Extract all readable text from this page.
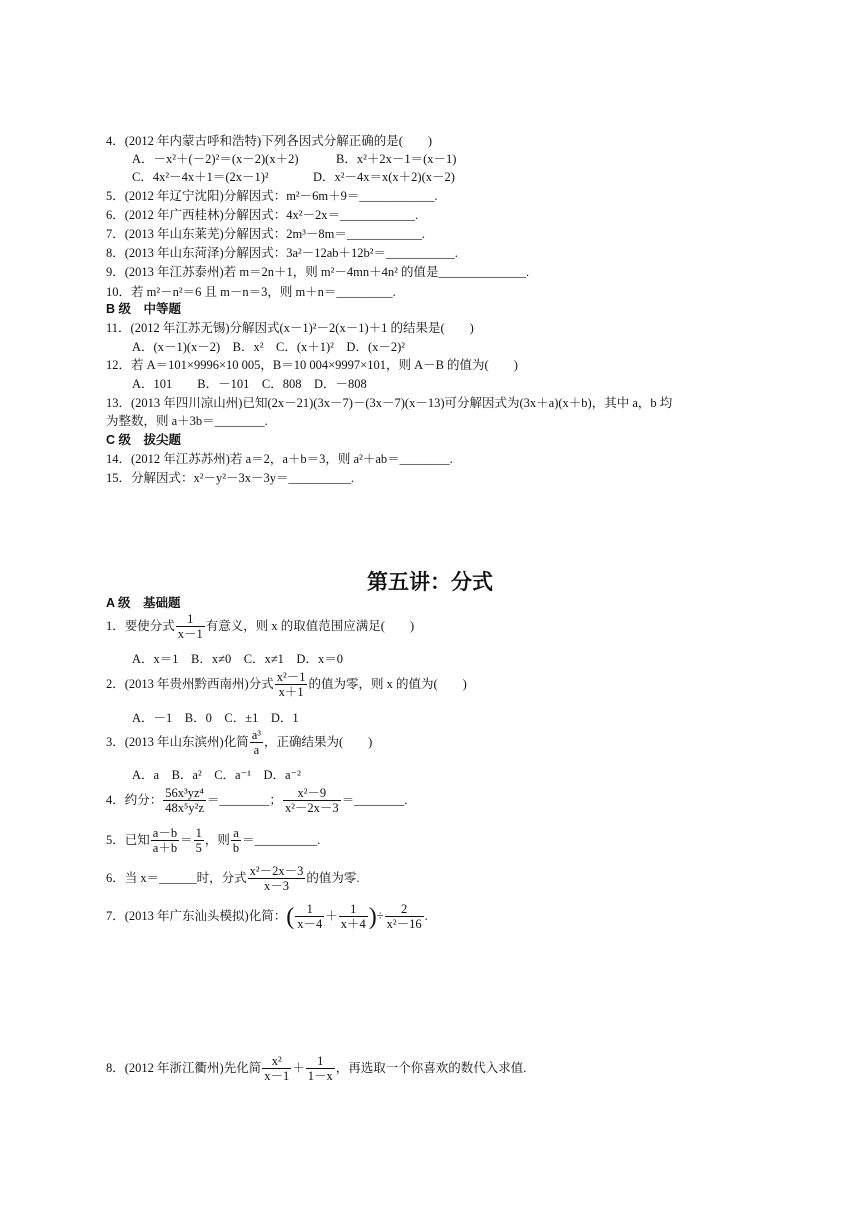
4．(2012 年内蒙古呼和浩特)下列各因式分解正确的是(　　)
A．－x²＋(－2)²＝(x－2)(x＋2)	B．x²＋2x－1＝(x－1)
C．4x²－4x＋1＝(2x－1)²	D．x²－4x＝x(x＋2)(x－2)
5．(2012 年辽宁沈阳)分解因式：m²－6m＋9＝____________.
6．(2012 年广西桂林)分解因式：4x²－2x＝____________.
7．(2013 年山东莱芜)分解因式：2m³－8m＝____________.
8．(2013 年山东菏泽)分解因式：3a²－12ab＋12b²＝___________.
9．(2013 年江苏泰州)若 m＝2n＋1，则 m²－4mn＋4n² 的值是______________.
10．若 m²－n²＝6 且 m－n＝3，则 m＋n＝_________.
B 级　中等题
11．(2012 年江苏无锡)分解因式(x－1)²－2(x－1)＋1 的结果是(　　)
A．(x－1)(x－2)　B．x²　C．(x＋1)²　D．(x－2)²
12．若 A＝101×9996×10 005，B＝10 004×9997×101，则 A－B 的值为(　　)
A．101　　B．－101　C．808　D．－808
13．(2013 年四川凉山州)已知(2x－21)(3x－7)－(3x－7)(x－13)可分解因式为(3x＋a)(x＋b)，其中 a，b 均
为整数，则 a＋3b＝________.
C 级　拔尖题
14．(2012 年江苏苏州)若 a＝2，a＋b＝3，则 a²＋ab＝________.
15．分解因式：x²－y²－3x－3y＝__________.
第五讲：分式
A 级　基础题
1．要使分式 $\frac{1}{x-1}$ 有意义，则 x 的取值范围应满足(　　)
A．x＝1　B．x≠0　C．x≠1　D．x＝0
2．(2013 年贵州黔西南州)分式 $\frac{\text{x²－1}}{x+1}$ 的值为零，则 x 的值为(　　)
A．－1　B．0　C．±1　D．1
3．(2013 年山东滨州)化简 $\frac{\text{a³}}{a}$ ，正确结果为(　　)
A．a　B．a²　C．a⁻¹　D．a⁻²
4．约分： $\frac{\text{56x³yz⁴}}{\text{48x⁵y²z}}$ ＝________； $\frac{\text{x²－9}}{\text{x²－2x－3}}$ ＝________.
5．已知 $\frac{a-b}{a+b} = \frac{1}{5}$ ，则 $\frac{a}{b}$ ＝__________.
6．当 x＝______时，分式 $\frac{\text{x²－2x－3}}{x-3}$ 的值为零.
7．(2013 年广东汕头模拟)化简：( $\frac{1}{x-4} + \frac{1}{x+4}$ )÷ $\frac{2}{\text{x²－16}}$ .
8．(2012 年浙江衢州)先化简 $\frac{\text{x²}}{x-1} + \frac{1}{1-x}$ ，再选取一个你喜欢的数代入求值.
